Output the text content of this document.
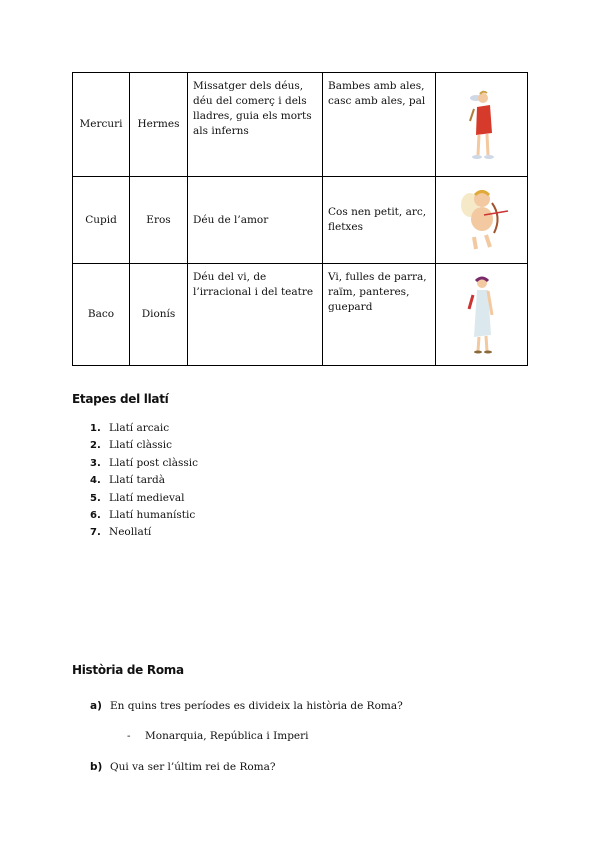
Mercuri	Hermes	Missatger dels déus, déu del comerç i dels lladres, guia els morts als inferns	Bambes amb ales, casc amb ales, pal	

Cupid	Eros	Déu de l’amor	Cos nen petit, arc, fletxes	

Baco	Dionís	Déu del vi, de l’irracional i del teatre	Vi, fulles de parra, raïm, panteres, guepard	
Etapes del llatí
1. Llatí arcaic
2. Llatí clàssic
3. Llatí post clàssic
4. Llatí tardà
5. Llatí medieval
6. Llatí humanístic
7. Neollatí
Història de Roma
a) En quins tres períodes es divideix la història de Roma?
-	Monarquia, República i Imperi
b) Qui va ser l’últim rei de Roma?
